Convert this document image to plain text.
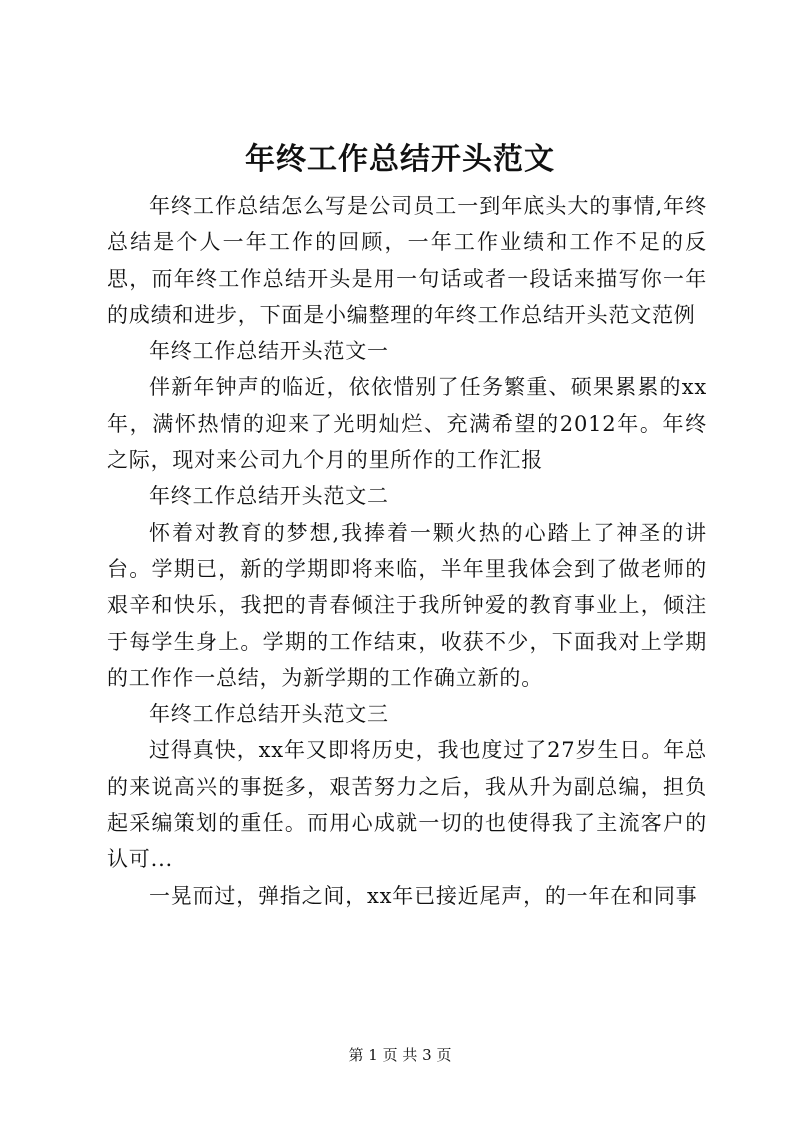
年终工作总结开头范文

年终工作总结怎么写是公司员工一到年底头大的事情,年终总结是个人一年工作的回顾，一年工作业绩和工作不足的反思，而年终工作总结开头是用一句话或者一段话来描写你一年的成绩和进步，下面是小编整理的年终工作总结开头范文范例

年终工作总结开头范文一

伴新年钟声的临近，依依惜别了任务繁重、硕果累累的xx年，满怀热情的迎来了光明灿烂、充满希望的2012年。年终之际，现对来公司九个月的里所作的工作汇报

年终工作总结开头范文二

怀着对教育的梦想,我捧着一颗火热的心踏上了神圣的讲台。学期已，新的学期即将来临，半年里我体会到了做老师的艰辛和快乐，我把的青春倾注于我所钟爱的教育事业上，倾注于每学生身上。学期的工作结束，收获不少，下面我对上学期的工作作一总结，为新学期的工作确立新的。

年终工作总结开头范文三

过得真快，xx年又即将历史，我也度过了27岁生日。年总的来说高兴的事挺多，艰苦努力之后，我从升为副总编，担负起采编策划的重任。而用心成就一切的也使得我了主流客户的认可...

一晃而过，弹指之间，xx年已接近尾声，的一年在和同事

第 1 页 共 3 页
